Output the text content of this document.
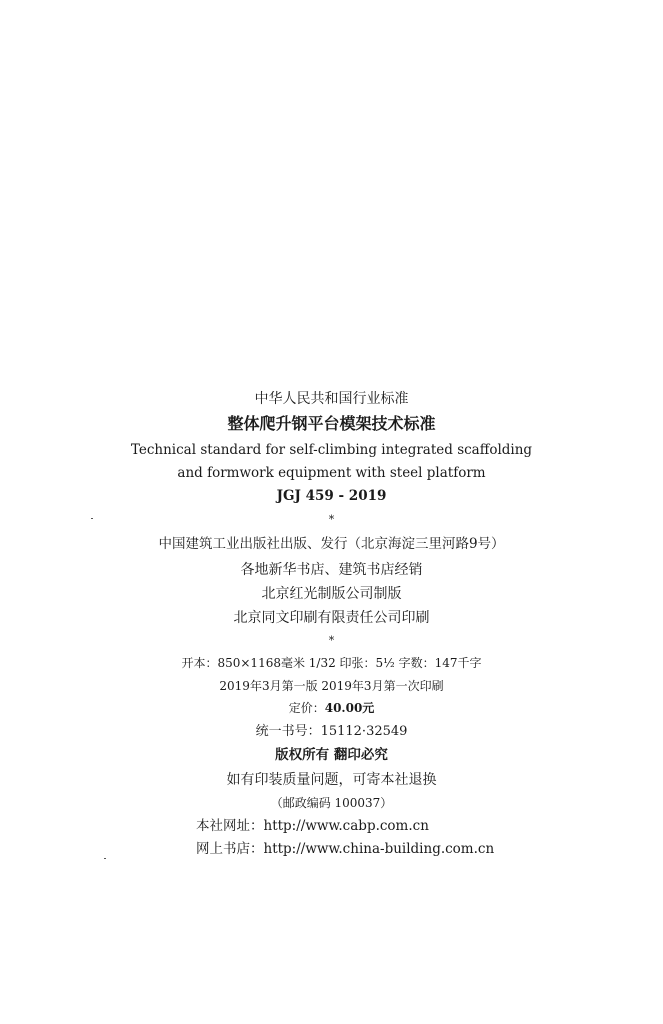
中华人民共和国行业标准
整体爬升钢平台模架技术标准
Technical standard for self-climbing integrated scaffolding
and formwork equipment with steel platform
JGJ 459 - 2019
*
中国建筑工业出版社出版、发行（北京海淀三里河路9号）
各地新华书店、建筑书店经销
北京红光制版公司制版
北京同文印刷有限责任公司印刷
*
开本：850×1168毫米 1/32 印张：5½ 字数：147千字
2019年3月第一版 2019年3月第一次印刷
定价：40.00元
统一书号：15112·32549
版权所有 翻印必究
如有印装质量问题，可寄本社退换
（邮政编码 100037）
本社网址：http://www.cabp.com.cn
网上书店：http://www.china-building.com.cn
